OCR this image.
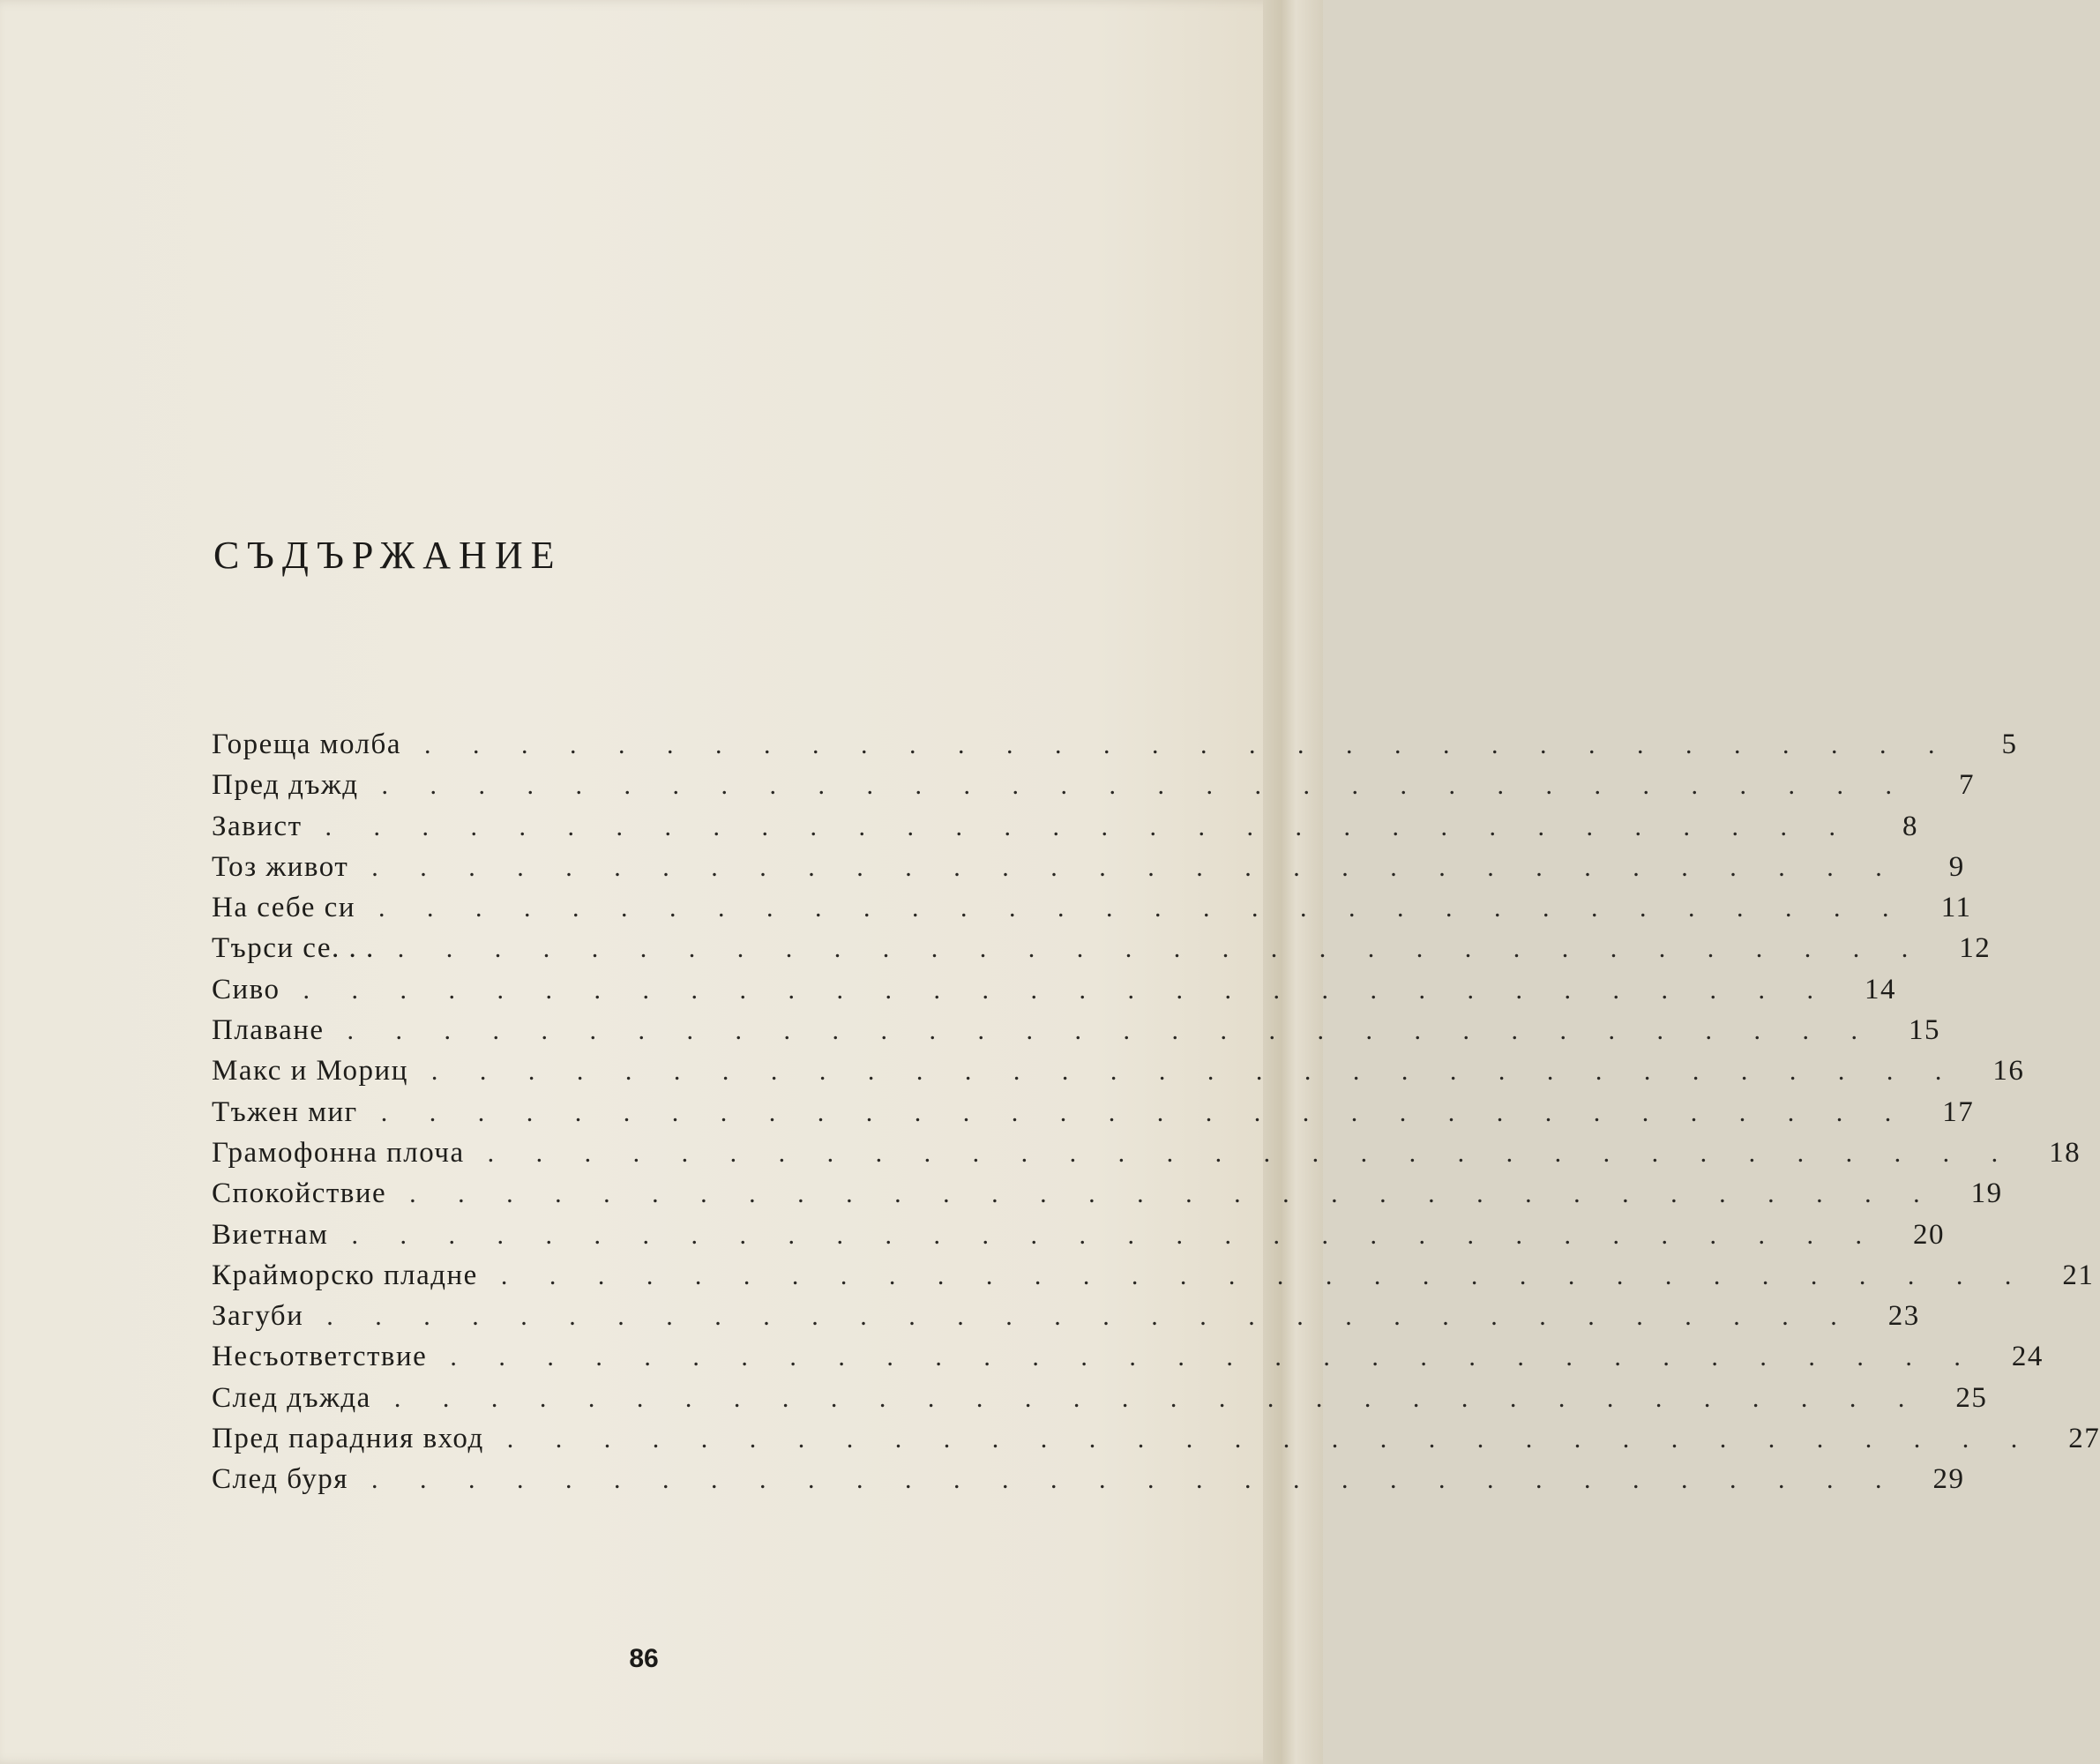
СЪДЪРЖАНИЕ
Гореща молба . . . . . . . . . . . . . . . . . . . . . . . . . . . . . . . .	5
Пред дъжд . . . . . . . . . . . . . . . . . . . . . . . . . . . . . . . .	7
Завист . . . . . . . . . . . . . . . . . . . . . . . . . . . . . . . .	8
Тоз живот . . . . . . . . . . . . . . . . . . . . . . . . . . . . . . . .	9
На себе си . . . . . . . . . . . . . . . . . . . . . . . . . . . . . . . .	11
Търси се. . . . . . . . . . . . . . . . . . . . . . . . . . . . . . . . . . .	12
Сиво . . . . . . . . . . . . . . . . . . . . . . . . . . . . . . . .	14
Плаване . . . . . . . . . . . . . . . . . . . . . . . . . . . . . . . .	15
Макс и Мориц . . . . . . . . . . . . . . . . . . . . . . . . . . . . . . . .	16
Тъжен миг . . . . . . . . . . . . . . . . . . . . . . . . . . . . . . . .	17
Грамофонна плоча . . . . . . . . . . . . . . . . . . . . . . . . . . . . . . . .	18
Спокойствие . . . . . . . . . . . . . . . . . . . . . . . . . . . . . . . .	19
Виетнам . . . . . . . . . . . . . . . . . . . . . . . . . . . . . . . .	20
Крайморско пладне . . . . . . . . . . . . . . . . . . . . . . . . . . . . . . . .	21
Загуби . . . . . . . . . . . . . . . . . . . . . . . . . . . . . . . .	23
Несъответствие . . . . . . . . . . . . . . . . . . . . . . . . . . . . . . . .	24
След дъжда . . . . . . . . . . . . . . . . . . . . . . . . . . . . . . . .	25
Пред парадния вход . . . . . . . . . . . . . . . . . . . . . . . . . . . . . . . .	27
След буря . . . . . . . . . . . . . . . . . . . . . . . . . . . . . . . .	29
86
